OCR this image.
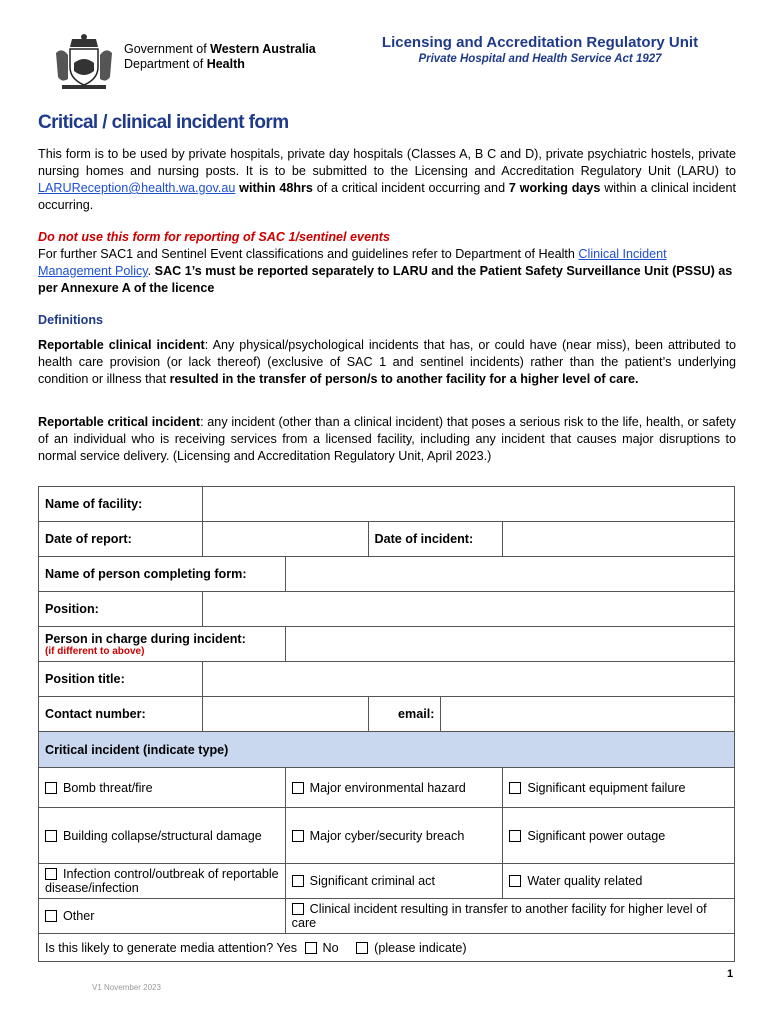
Government of Western Australia
Department of Health
Licensing and Accreditation Regulatory Unit
Private Hospital and Health Service Act 1927
Critical / clinical incident form
This form is to be used by private hospitals, private day hospitals (Classes A, B C and D), private psychiatric hostels, private nursing homes and nursing posts. It is to be submitted to the Licensing and Accreditation Regulatory Unit (LARU) to LARUReception@health.wa.gov.au within 48hrs of a critical incident occurring and 7 working days within a clinical incident occurring.
Do not use this form for reporting of SAC 1/sentinel events
For further SAC1 and Sentinel Event classifications and guidelines refer to Department of Health Clinical Incident Management Policy. SAC 1’s must be reported separately to LARU and the Patient Safety Surveillance Unit (PSSU) as per Annexure A of the licence
Definitions
Reportable clinical incident: Any physical/psychological incidents that has, or could have (near miss), been attributed to health care provision (or lack thereof) (exclusive of SAC 1 and sentinel incidents) rather than the patient’s underlying condition or illness that resulted in the transfer of person/s to another facility for a higher level of care.
Reportable critical incident: any incident (other than a clinical incident) that poses a serious risk to the life, health, or safety of an individual who is receiving services from a licensed facility, including any incident that causes major disruptions to normal service delivery. (Licensing and Accreditation Regulatory Unit, April 2023.)
Name of facility:					
Date of report:			Date of incident:		
Name of person completing form:					
Position:					
Person in charge during incident:
(if different to above)					

Position title:					
Contact number:			email:		
Critical incident (indicate type)					
Bomb threat/fire		Major environmental hazard			Significant equipment failure
Building collapse/structural damage		Major cyber/security breach			Significant power outage
Infection control/outbreak of reportable disease/infection		Significant criminal act			Water quality related
Other		Clinical incident resulting in transfer to another facility for higher level of care			
Is this likely to generate media attention? Yes No (please indicate)					
1
V1 November 2023
